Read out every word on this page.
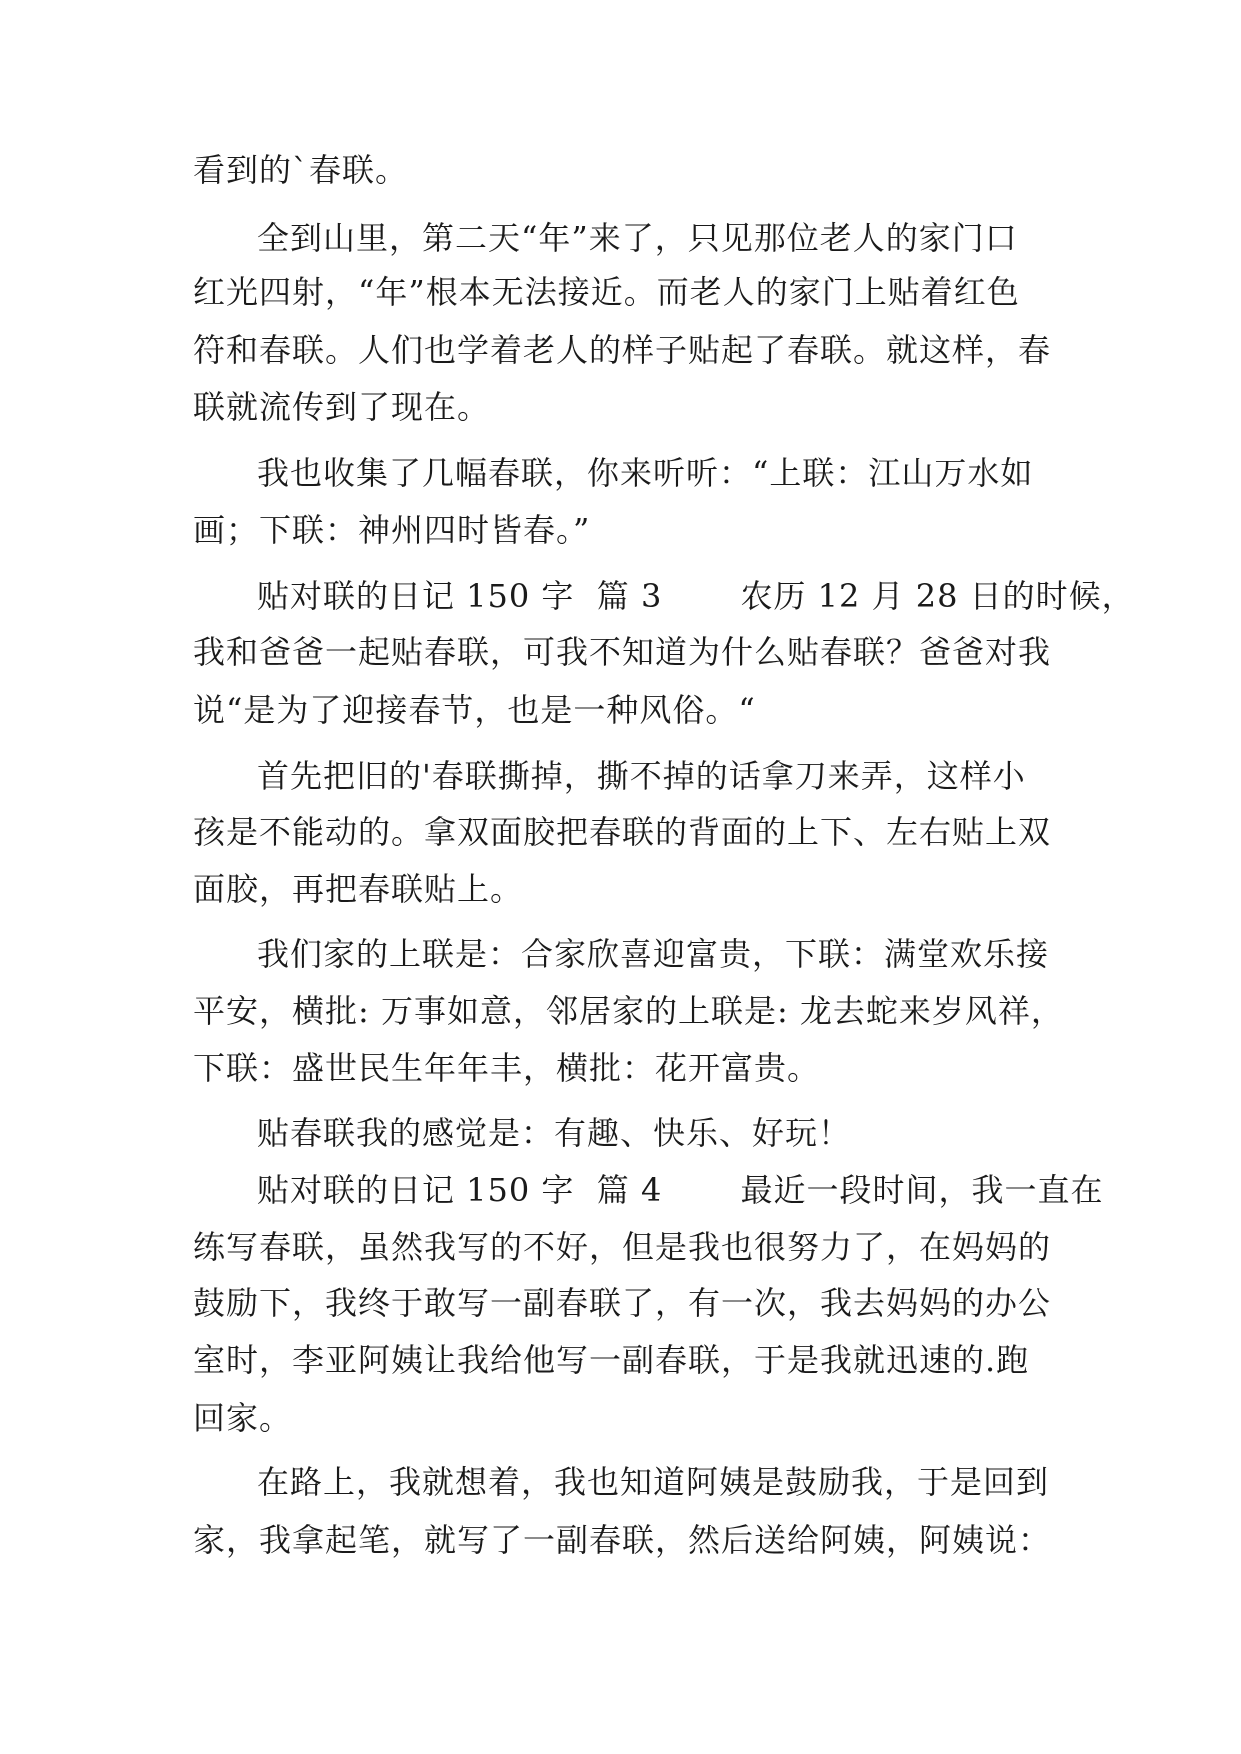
看到的`春联。
全到山里，第二天“年”来了，只见那位老人的家门口
红光四射，“年”根本无法接近。而老人的家门上贴着红色
符和春联。人们也学着老人的样子贴起了春联。就这样，春
联就流传到了现在。
我也收集了几幅春联，你来听听：“上联：江山万水如
画；下联：神州四时皆春。”
贴对联的日记 150 字  篇 3       农历 12 月 28 日的时候，
我和爸爸一起贴春联，可我不知道为什么贴春联？爸爸对我
说“是为了迎接春节，也是一种风俗。“
首先把旧的'春联撕掉，撕不掉的话拿刀来弄，这样小
孩是不能动的。拿双面胶把春联的背面的上下、左右贴上双
面胶，再把春联贴上。
我们家的上联是：合家欣喜迎富贵，下联：满堂欢乐接
平安，横批: 万事如意，邻居家的上联是: 龙去蛇来岁风祥，
下联：盛世民生年年丰，横批：花开富贵。
贴春联我的感觉是：有趣、快乐、好玩！
贴对联的日记 150 字  篇 4       最近一段时间，我一直在
练写春联，虽然我写的不好，但是我也很努力了，在妈妈的
鼓励下，我终于敢写一副春联了，有一次，我去妈妈的办公
室时，李亚阿姨让我给他写一副春联，于是我就迅速的.跑
回家。
在路上，我就想着，我也知道阿姨是鼓励我，于是回到
家，我拿起笔，就写了一副春联，然后送给阿姨，阿姨说：
